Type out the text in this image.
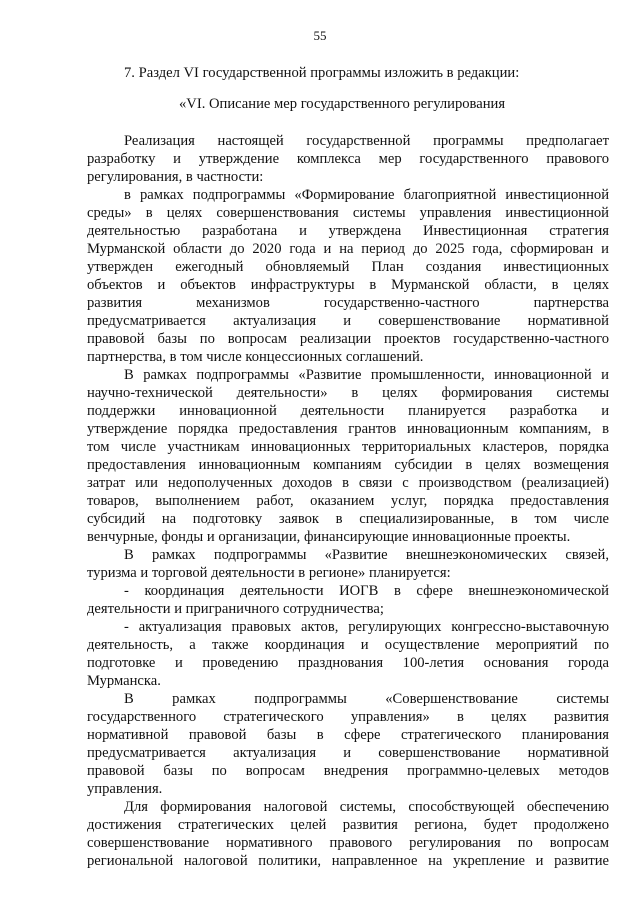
55
7. Раздел VI государственной программы изложить в редакции:
«VI. Описание мер государственного регулирования
Реализация настоящей государственной программы предполагает
разработку и утверждение комплекса мер государственного правового
регулирования, в частности:
в рамках подпрограммы «Формирование благоприятной инвестиционной
среды» в целях совершенствования системы управления инвестиционной
деятельностью разработана и утверждена Инвестиционная стратегия
Мурманской области до 2020 года и на период до 2025 года, сформирован и
утвержден ежегодный обновляемый План создания инвестиционных
объектов и объектов инфраструктуры в Мурманской области, в целях
развития механизмов государственно-частного партнерства
предусматривается актуализация и совершенствование нормативной
правовой базы по вопросам реализации проектов государственно-частного
партнерства, в том числе концессионных соглашений.
В рамках подпрограммы «Развитие промышленности, инновационной и
научно-технической деятельности» в целях формирования системы
поддержки инновационной деятельности планируется разработка и
утверждение порядка предоставления грантов инновационным компаниям, в
том числе участникам инновационных территориальных кластеров, порядка
предоставления инновационным компаниям субсидии в целях возмещения
затрат или недополученных доходов в связи с производством (реализацией)
товаров, выполнением работ, оказанием услуг, порядка предоставления
субсидий на подготовку заявок в специализированные, в том числе
венчурные, фонды и организации, финансирующие инновационные проекты.
В рамках подпрограммы «Развитие внешнеэкономических связей,
туризма и торговой деятельности в регионе» планируется:
- координация деятельности ИОГВ в сфере внешнеэкономической
деятельности и приграничного сотрудничества;
- актуализация правовых актов, регулирующих конгрессно-выставочную
деятельность, а также координация и осуществление мероприятий по
подготовке и проведению празднования 100-летия основания города
Мурманска.
В рамках подпрограммы «Совершенствование системы
государственного стратегического управления» в целях развития
нормативной правовой базы в сфере стратегического планирования
предусматривается актуализация и совершенствование нормативной
правовой базы по вопросам внедрения программно-целевых методов
управления.
Для формирования налоговой системы, способствующей обеспечению
достижения стратегических целей развития региона, будет продолжено
совершенствование нормативного правового регулирования по вопросам
региональной налоговой политики, направленное на укрепление и развитие
